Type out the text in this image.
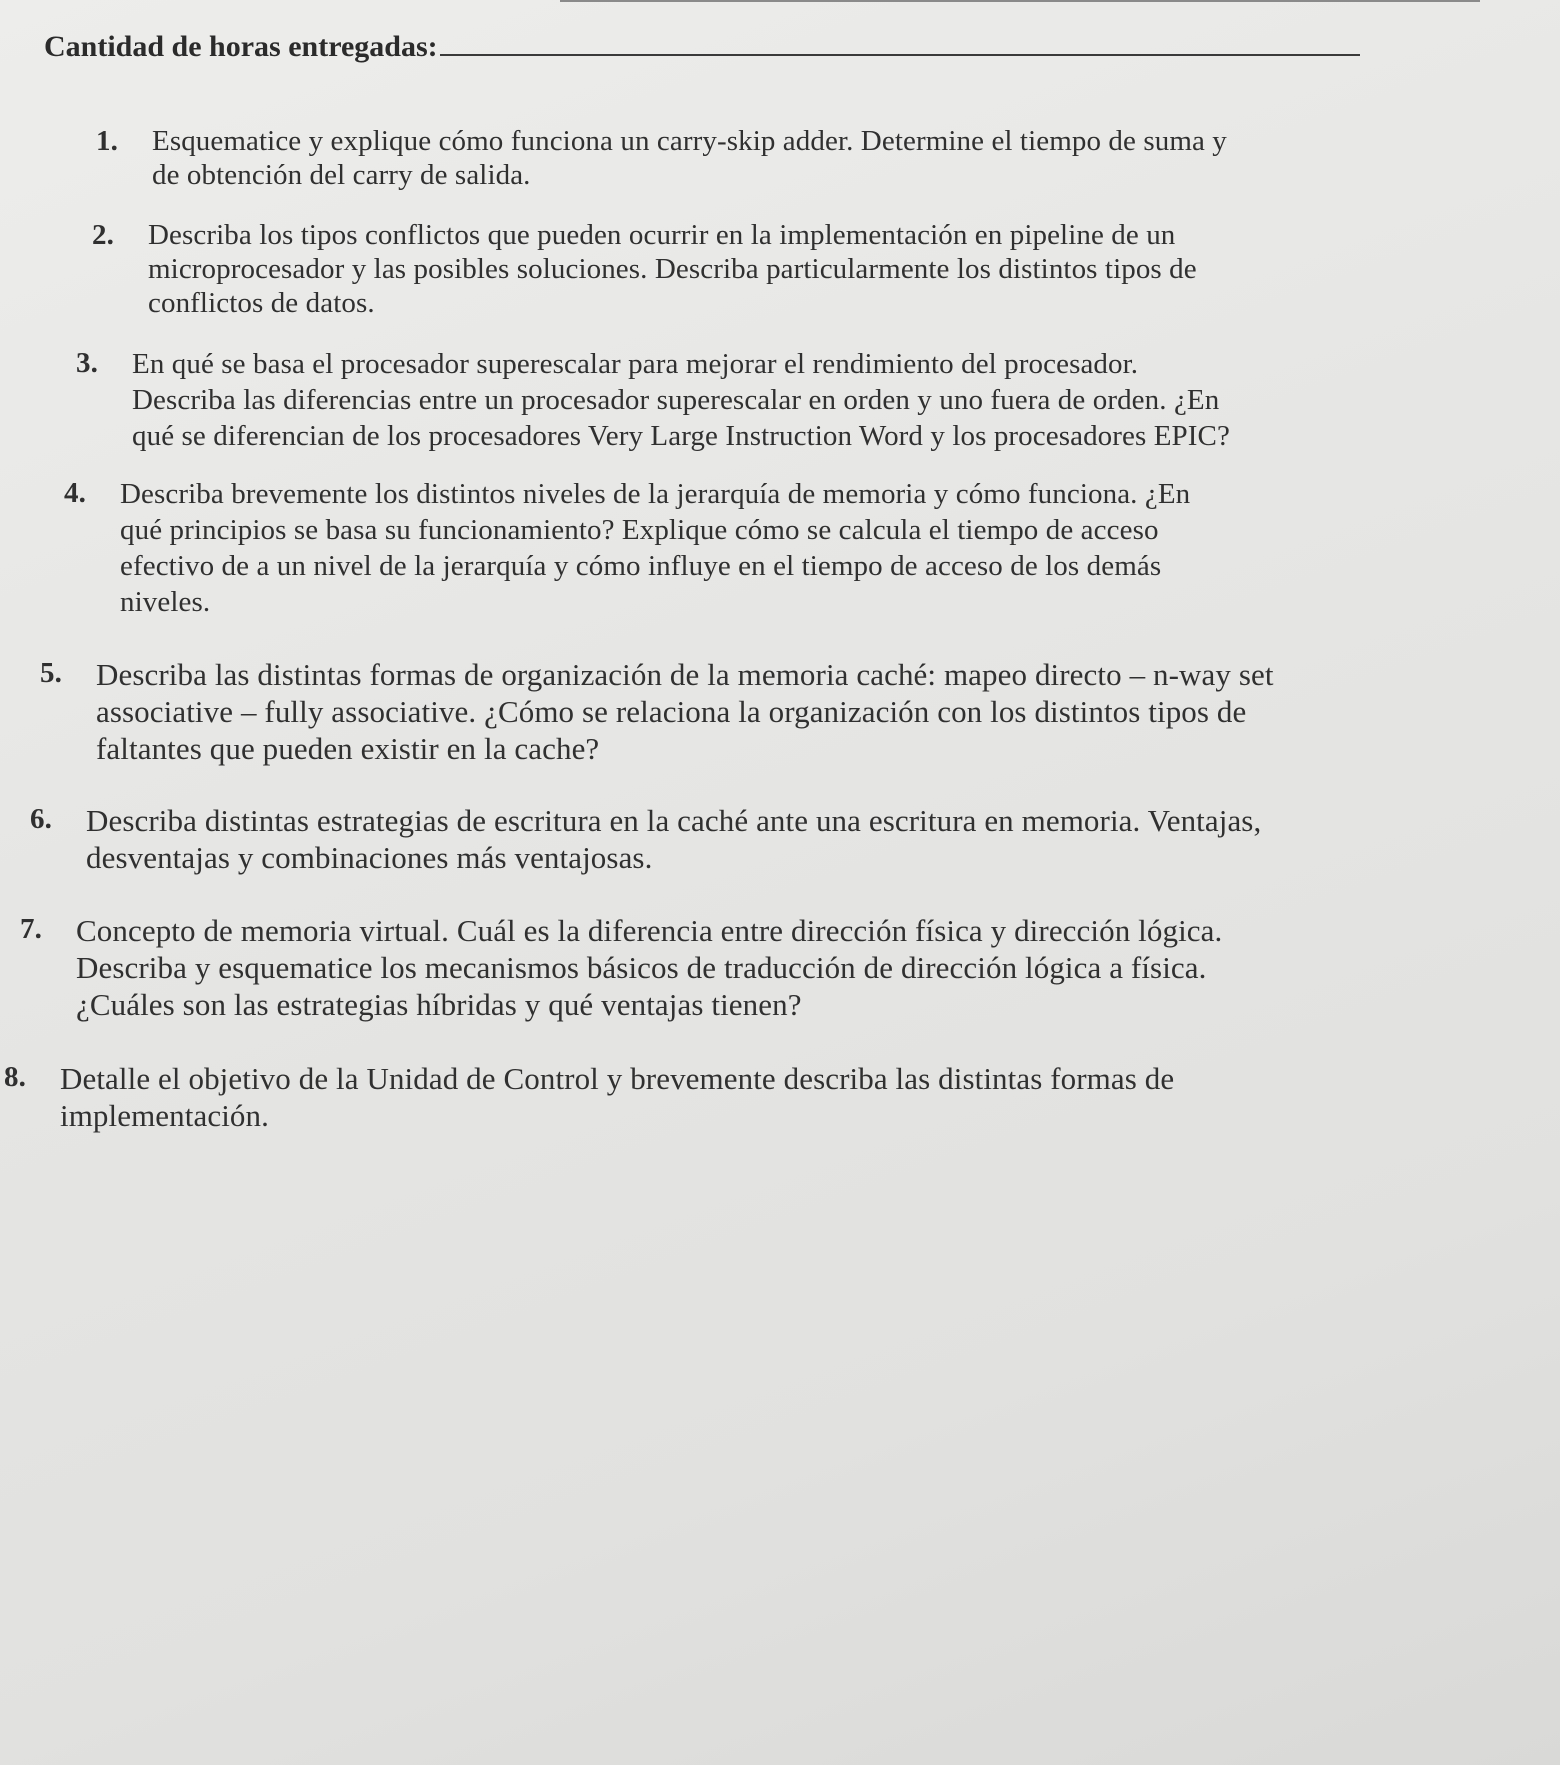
Cantidad de horas entregadas:
1. Esquematice y explique cómo funciona un carry-skip adder. Determine el tiempo de suma y
de obtención del carry de salida.
2. Describa los tipos conflictos que pueden ocurrir en la implementación en pipeline de un
microprocesador y las posibles soluciones. Describa particularmente los distintos tipos de
conflictos de datos.
3. En qué se basa el procesador superescalar para mejorar el rendimiento del procesador.
Describa las diferencias entre un procesador superescalar en orden y uno fuera de orden. ¿En
qué se diferencian de los procesadores Very Large Instruction Word y los procesadores EPIC?
4. Describa brevemente los distintos niveles de la jerarquía de memoria y cómo funciona. ¿En
qué principios se basa su funcionamiento? Explique cómo se calcula el tiempo de acceso
efectivo de a un nivel de la jerarquía y cómo influye en el tiempo de acceso de los demás
niveles.
5. Describa las distintas formas de organización de la memoria caché: mapeo directo – n-way set
associative – fully associative. ¿Cómo se relaciona la organización con los distintos tipos de
faltantes que pueden existir en la cache?
6. Describa distintas estrategias de escritura en la caché ante una escritura en memoria. Ventajas,
desventajas y combinaciones más ventajosas.
7. Concepto de memoria virtual. Cuál es la diferencia entre dirección física y dirección lógica.
Describa y esquematice los mecanismos básicos de traducción de dirección lógica a física.
¿Cuáles son las estrategias híbridas y qué ventajas tienen?
8. Detalle el objetivo de la Unidad de Control y brevemente describa las distintas formas de
implementación.
